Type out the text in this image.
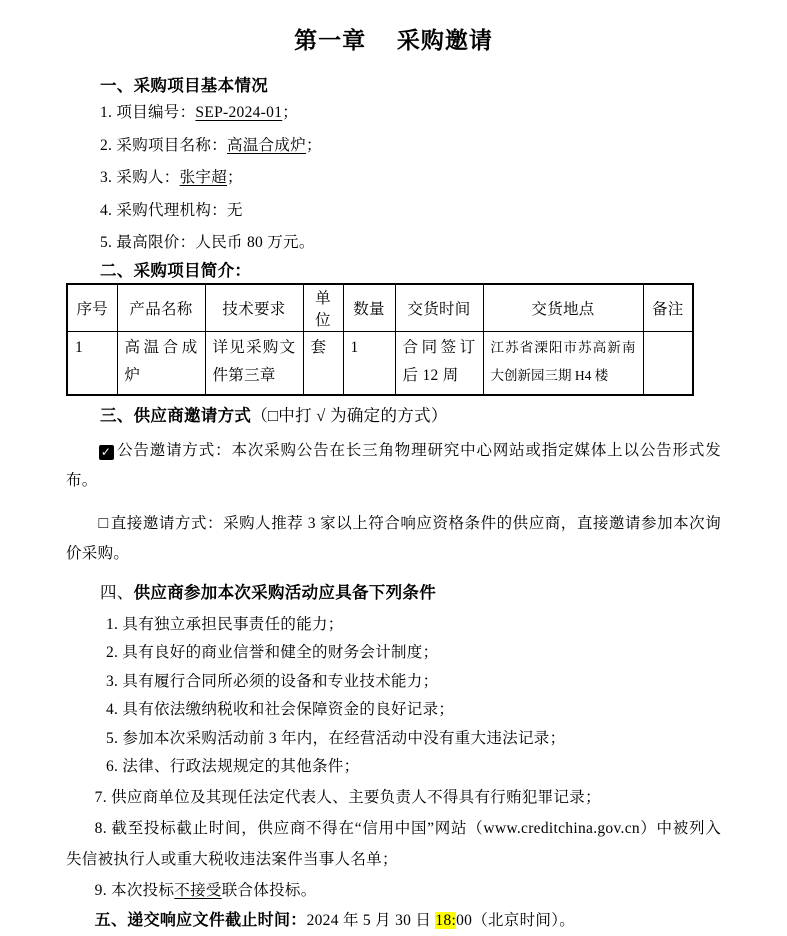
第一章　 采购邀请
一、采购项目基本情况
1. 项目编号：SEP-2024-01；
2. 采购项目名称：高温合成炉；
3. 采购人：张宇超；
4. 采购代理机构：无
5. 最高限价：人民币 80 万元。
二、采购项目简介：
序号	产品名称	技术要求	单位	数量	交货时间	交货地点	备注
1	高温合成炉	详见采购文件第三章	套	1	合同签订后 12 周	江苏省溧阳市苏高新南大创新园三期 H4 楼	
三、供应商邀请方式（□中打 √ 为确定的方式）

✓ 公告邀请方式：本次采购公告在长三角物理研究中心网站或指定媒体上以公告形式发布。

□ 直接邀请方式：采购人推荐 3 家以上符合响应资格条件的供应商，直接邀请参加本次询价采购。

四、供应商参加本次采购活动应具备下列条件
1. 具有独立承担民事责任的能力；
2. 具有良好的商业信誉和健全的财务会计制度；
3. 具有履行合同所必须的设备和专业技术能力；
4. 具有依法缴纳税收和社会保障资金的良好记录；
5. 参加本次采购活动前 3 年内，在经营活动中没有重大违法记录；
6. 法律、行政法规规定的其他条件；
7. 供应商单位及其现任法定代表人、主要负责人不得具有行贿犯罪记录；
8. 截至投标截止时间，供应商不得在“信用中国”网站（www.creditchina.gov.cn）中被列入失信被执行人或重大税收违法案件当事人名单；
9. 本次投标不接受联合体投标。
五、递交响应文件截止时间：2024 年 5 月 30 日 18:00（北京时间）。
